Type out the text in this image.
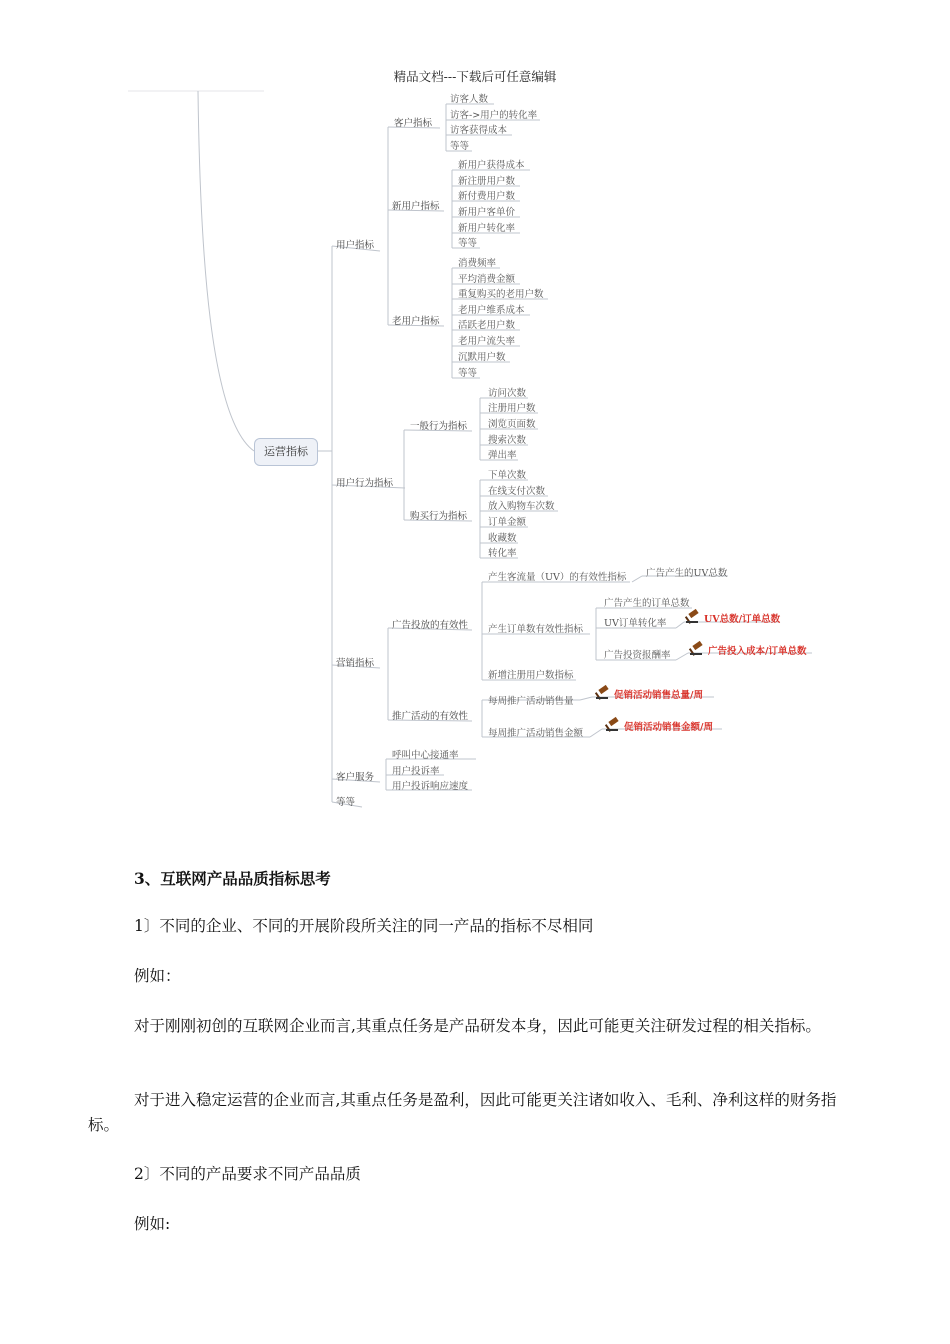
精品文档---下载后可任意编辑
运营指标
用户指标
用户行为指标
营销指标
客户服务
等等
客户指标
新用户指标
老用户指标
访客人数
访客->用户的转化率
访客获得成本
等等
新用户获得成本
新注册用户数
新付费用户数
新用户客单价
新用户转化率
等等
消费频率
平均消费金额
重复购买的老用户数
老用户维系成本
活跃老用户数
老用户流失率
沉默用户数
等等
一般行为指标
购买行为指标
访问次数
注册用户数
浏览页面数
搜索次数
弹出率
下单次数
在线支付次数
放入购物车次数
订单金额
收藏数
转化率
广告投放的有效性
推广活动的有效性
产生客流量（UV）的有效性指标 广告产生的UV总数
产生订单数有效性指标
广告产生的订单总数
UV订单转化率	UV总数/订单总数
广告投资报酬率	广告投入成本/订单总数
新增注册用户数指标
每周推广活动销售量
促销活动销售总量/周
每周推广活动销售金额
促销活动销售金额/周
呼叫中心接通率
用户投诉率
用户投诉响应速度

3、互联网产品品质指标思考

1〕不同的企业、不同的开展阶段所关注的同一产品的指标不尽相同

例如：

对于刚刚初创的互联网企业而言,其重点任务是产品研发本身，因此可能更关注研发过程的相关指标。

对于进入稳定运营的企业而言,其重点任务是盈利，因此可能更关注诸如收入、毛利、净利这样的财务指标。

2〕不同的产品要求不同产品品质

例如:
